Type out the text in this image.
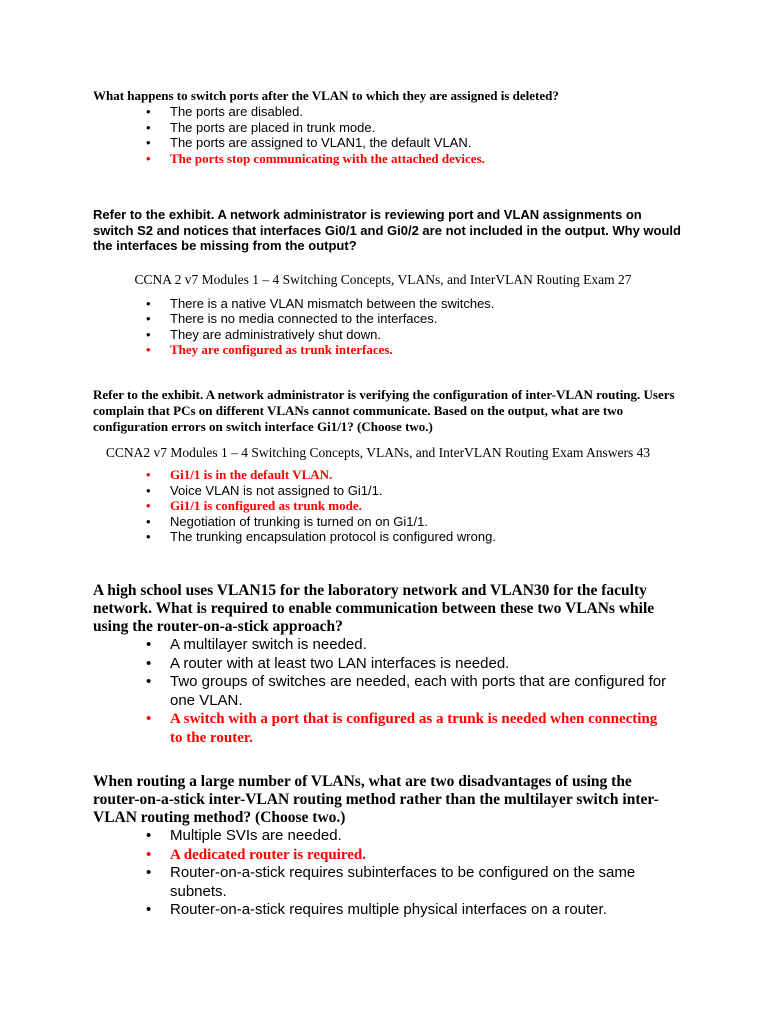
What happens to switch ports after the VLAN to which they are assigned is deleted?

• The ports are disabled.
• The ports are placed in trunk mode.
• The ports are assigned to VLAN1, the default VLAN.
• The ports stop communicating with the attached devices.

Refer to the exhibit. A network administrator is reviewing port and VLAN assignments on switch S2 and notices that interfaces Gi0/1 and Gi0/2 are not included in the output. Why would the interfaces be missing from the output?

CCNA 2 v7 Modules 1 – 4 Switching Concepts, VLANs, and InterVLAN Routing Exam 27
• There is a native VLAN mismatch between the switches.
• There is no media connected to the interfaces.
• They are administratively shut down.
• They are configured as trunk interfaces.

Refer to the exhibit. A network administrator is verifying the configuration of inter-VLAN routing. Users complain that PCs on different VLANs cannot communicate. Based on the output, what are two configuration errors on switch interface Gi1/1? (Choose two.)

CCNA2 v7 Modules 1 – 4 Switching Concepts, VLANs, and InterVLAN Routing Exam Answers 43
• Gi1/1 is in the default VLAN.
• Voice VLAN is not assigned to Gi1/1.
• Gi1/1 is configured as trunk mode.
• Negotiation of trunking is turned on on Gi1/1.
• The trunking encapsulation protocol is configured wrong.

A high school uses VLAN15 for the laboratory network and VLAN30 for the faculty network. What is required to enable communication between these two VLANs while using the router-on-a-stick approach?

• A multilayer switch is needed.
• A router with at least two LAN interfaces is needed.
• Two groups of switches are needed, each with ports that are configured for one VLAN.
• A switch with a port that is configured as a trunk is needed when connecting to the router.

When routing a large number of VLANs, what are two disadvantages of using the router-on-a-stick inter-VLAN routing method rather than the multilayer switch inter-VLAN routing method? (Choose two.)

• Multiple SVIs are needed.
• A dedicated router is required.
• Router-on-a-stick requires subinterfaces to be configured on the same subnets.
• Router-on-a-stick requires multiple physical interfaces on a router.
